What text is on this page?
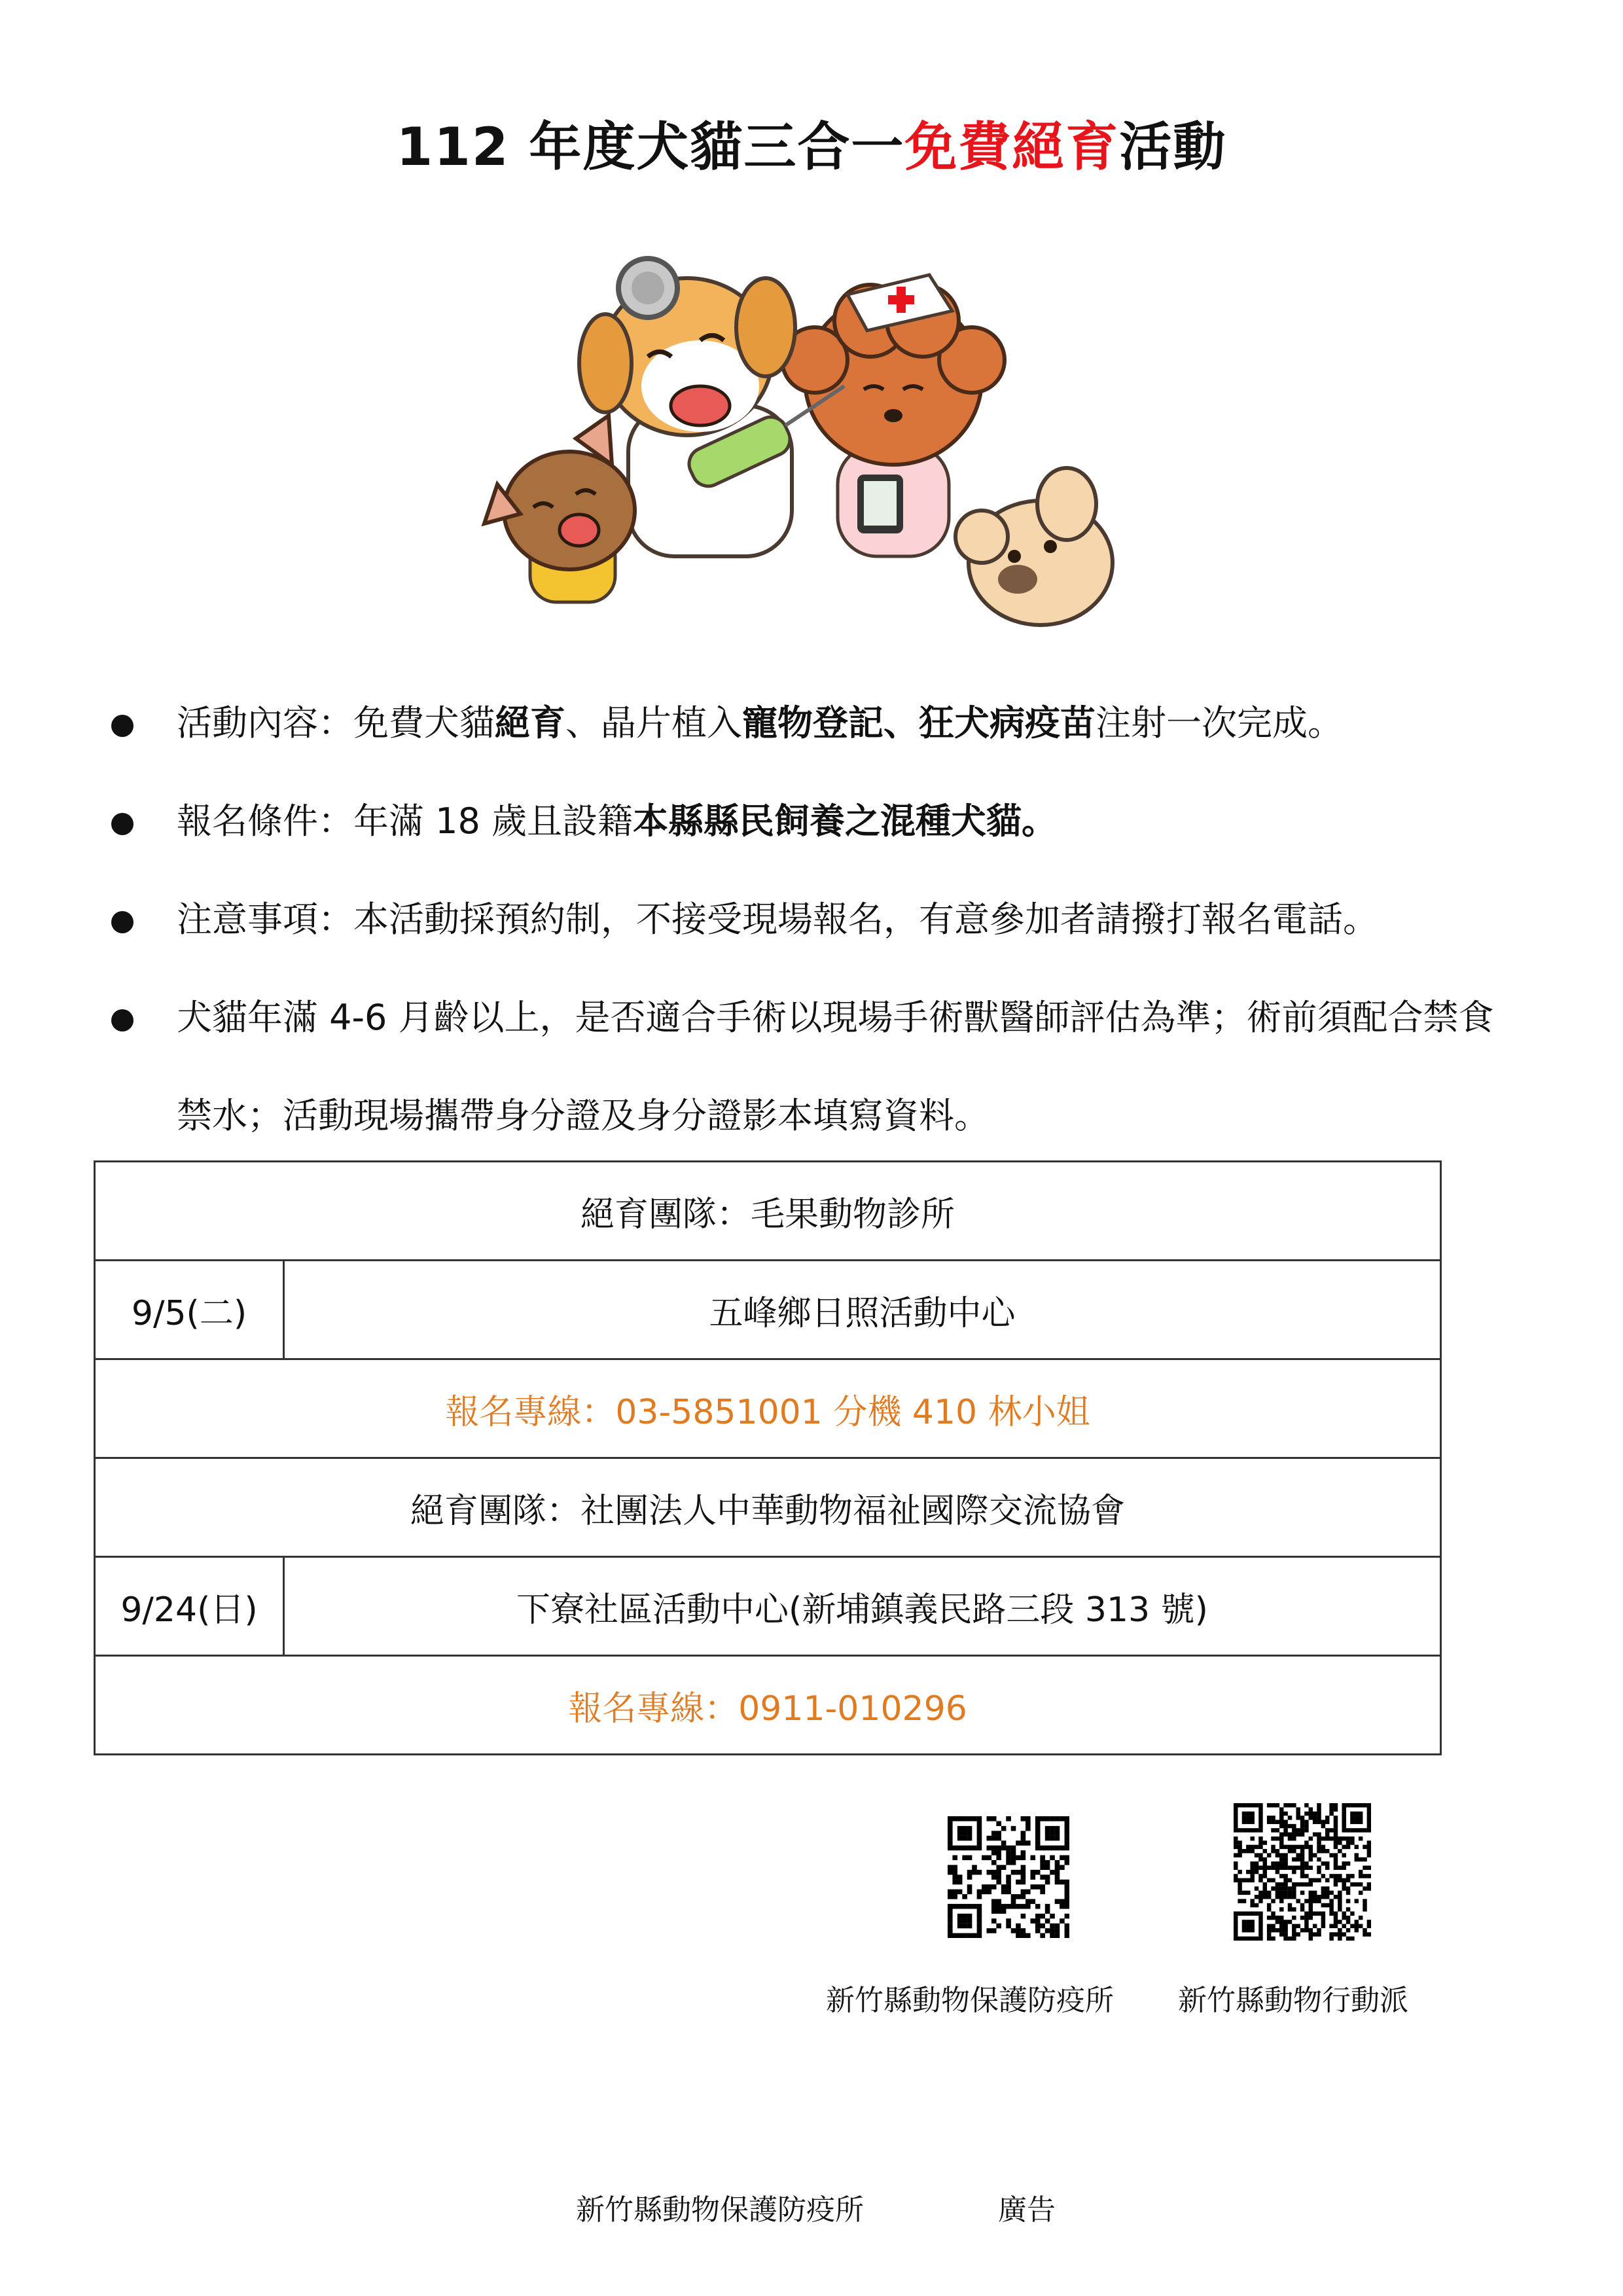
112 年度犬貓三合一免費絕育活動
活動內容：免費犬貓絕育、晶片植入寵物登記、狂犬病疫苗注射一次完成。
報名條件：年滿 18 歲且設籍本縣縣民飼養之混種犬貓。
注意事項：本活動採預約制，不接受現場報名，有意參加者請撥打報名電話。
犬貓年滿 4-6 月齡以上，是否適合手術以現場手術獸醫師評估為準；術前須配合禁食禁水；活動現場攜帶身分證及身分證影本填寫資料。
絕育團隊：毛果動物診所	
9/5(二)	五峰鄉日照活動中心
報名專線：03-5851001 分機 410 林小姐	
絕育團隊：社團法人中華動物福祉國際交流協會	
9/24(日)	下寮社區活動中心(新埔鎮義民路三段 313 號)
報名專線：0911-010296	
新竹縣動物保護防疫所 新竹縣動物行動派
新竹縣動物保護防疫所	廣告
